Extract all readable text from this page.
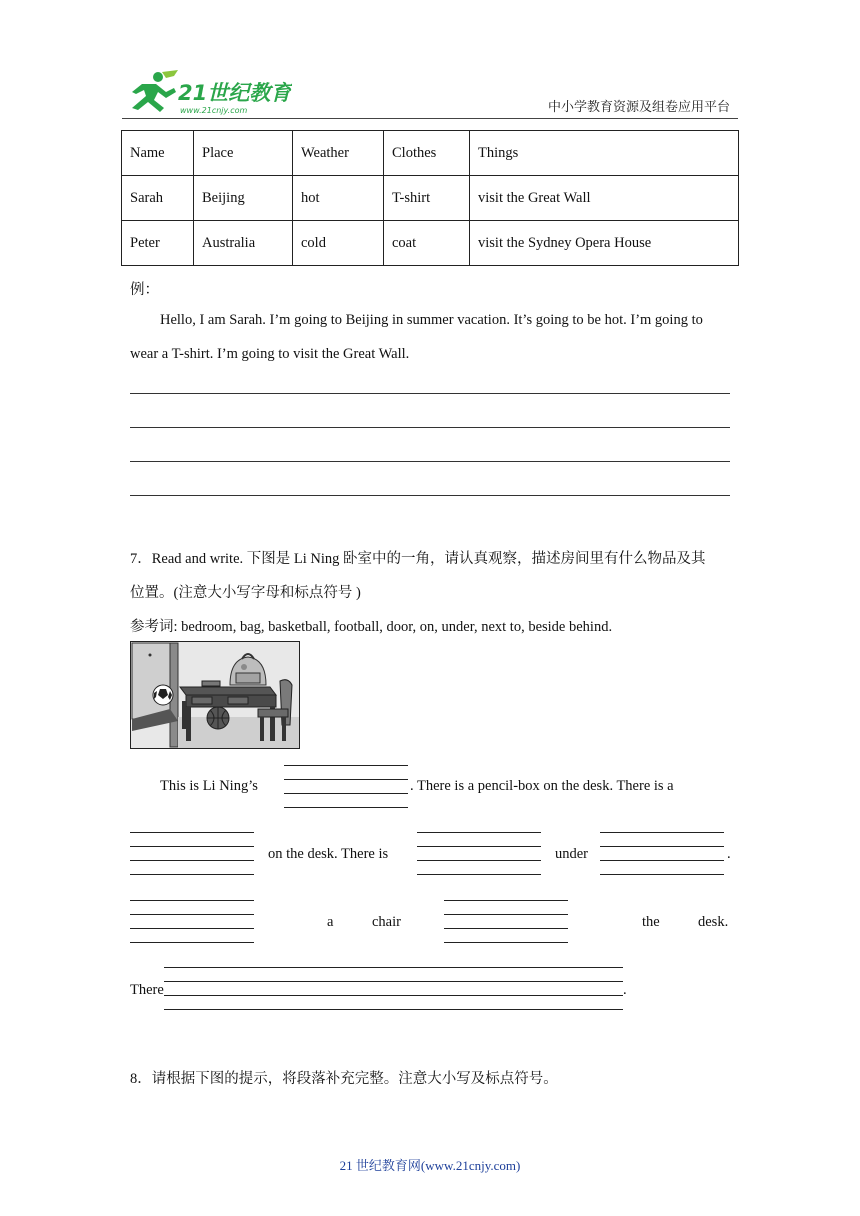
21世纪教育
www.21cnjy.com	中小学教育资源及组卷应用平台
Name	Place	Weather	Clothes	Things
Sarah	Beijing	hot	T-shirt	visit the Great Wall
Peter	Australia	cold	coat	visit the Sydney Opera House
例：
Hello, I am Sarah. I’m going to Beijing in summer vacation. It’s going to be hot. I’m going to
wear a T-shirt. I’m going to visit the Great Wall.
7．Read and write. 下图是 Li Ning 卧室中的一角，请认真观察，描述房间里有什么物品及其
位置。(注意大小写字母和标点符号 )
参考词: bedroom, bag, basketball, football, door, on, under, next to, beside behind.
This is Li Ning’s	. There is a pencil-box on the desk. There is a
on the desk. There is	under	.
a	chair	the	desk.
There	.
8．请根据下图的提示，将段落补充完整。注意大小写及标点符号。
21 世纪教育网(www.21cnjy.com)
